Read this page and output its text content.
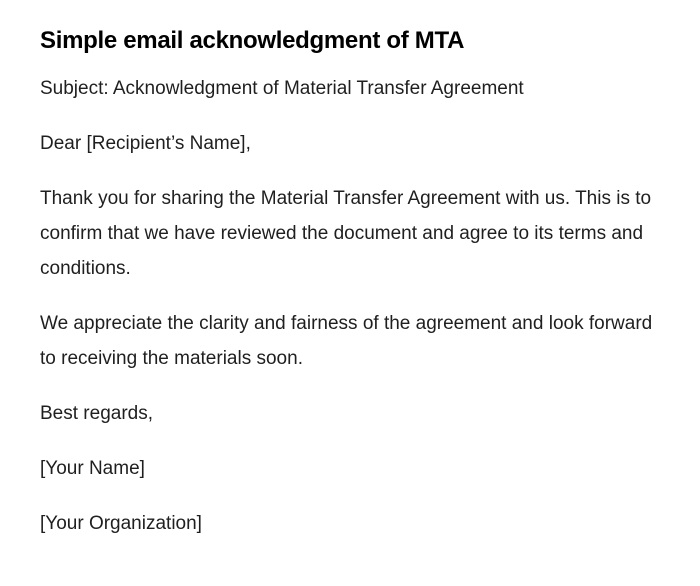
Simple email acknowledgment of MTA

Subject: Acknowledgment of Material Transfer Agreement

Dear [Recipient’s Name],

Thank you for sharing the Material Transfer Agreement with us. This is to confirm that we have reviewed the document and agree to its terms and conditions.

We appreciate the clarity and fairness of the agreement and look forward to receiving the materials soon.

Best regards,

[Your Name]

[Your Organization]
